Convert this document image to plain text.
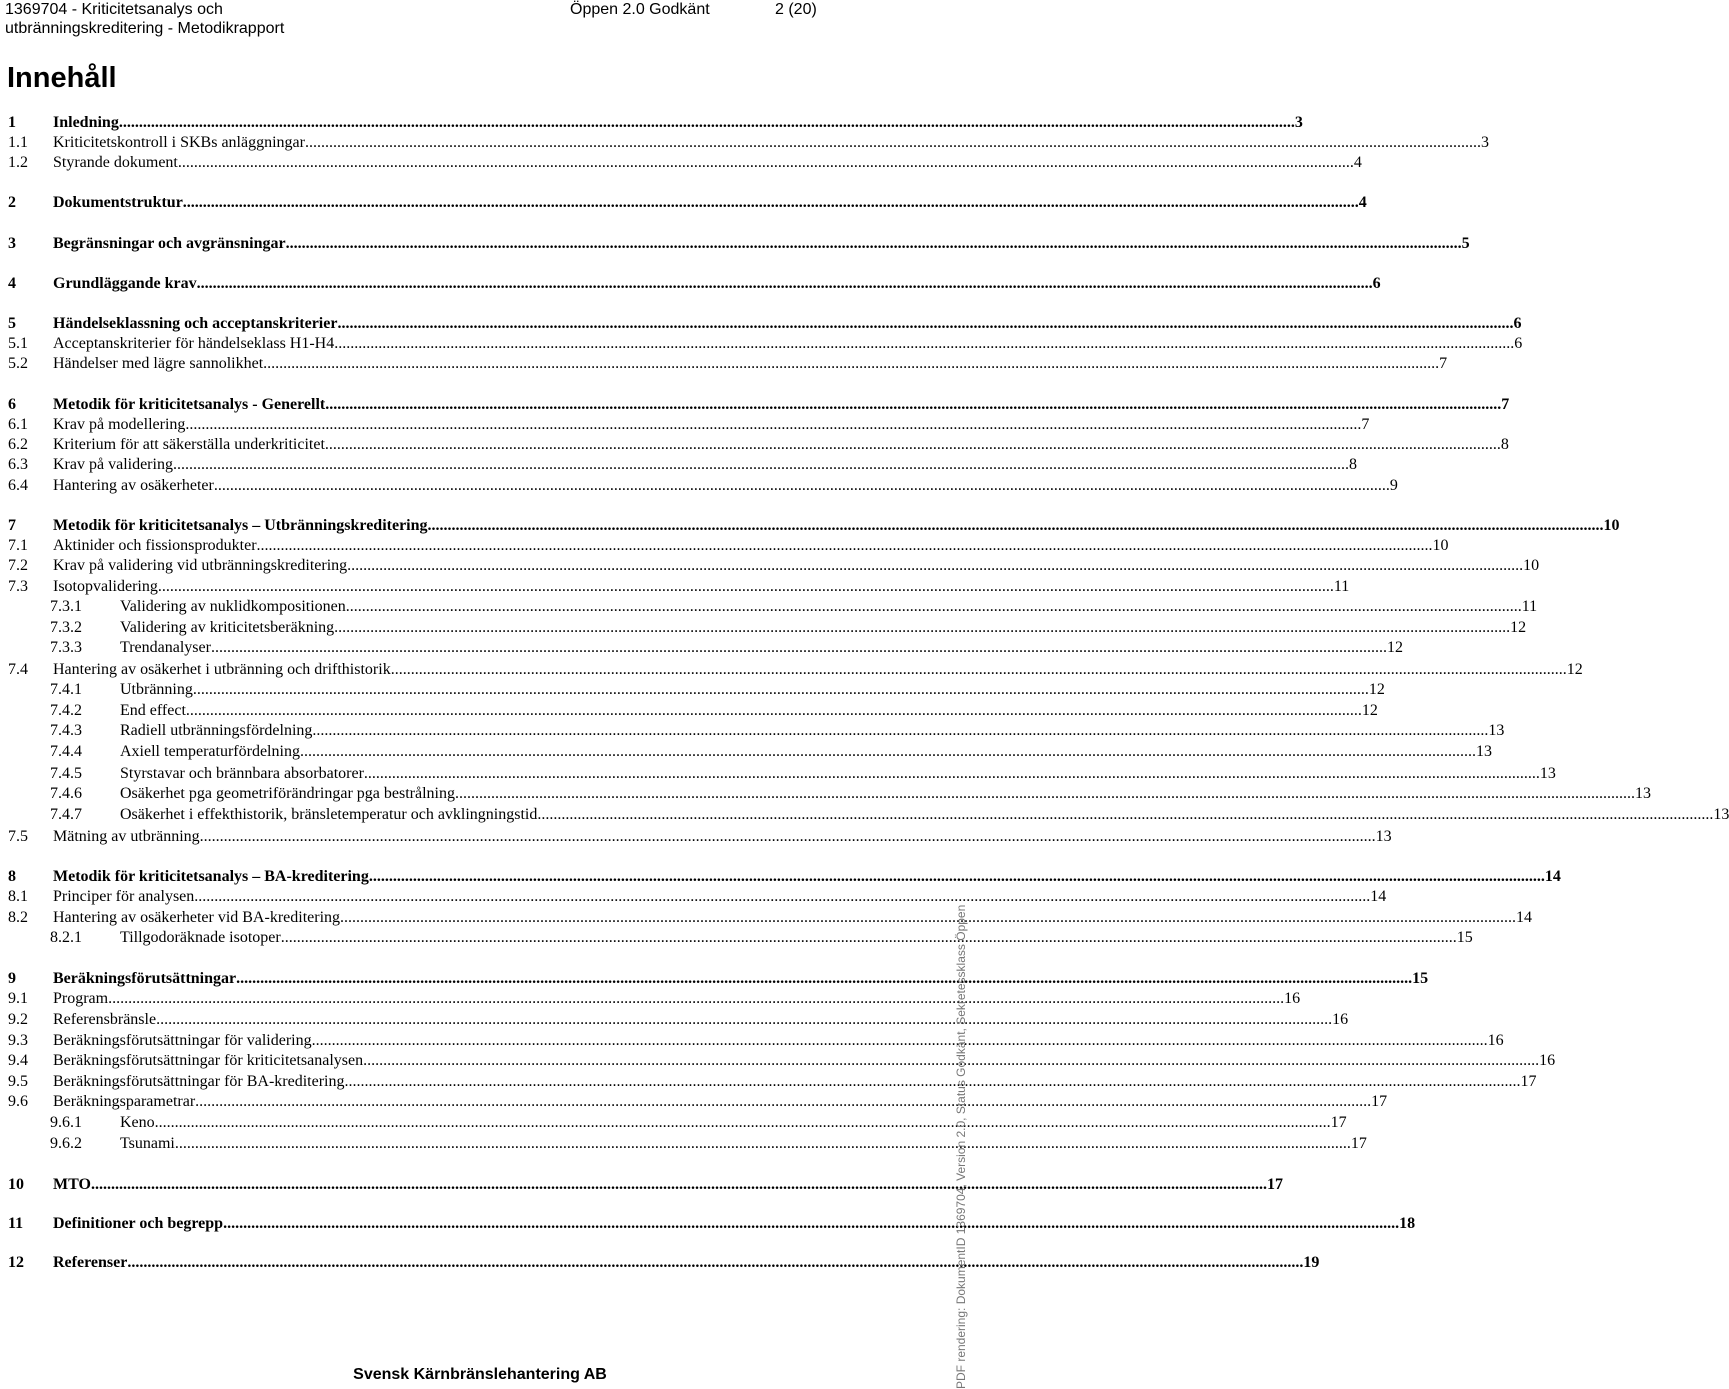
1369704 - Kriticitetsanalys och
utbränningskreditering - Metodikrapport
Öppen 2.0 Godkänt	2 (20)
Innehåll
1 Inledning .....	3
1.1 Kriticitetskontroll i SKBs anläggningar .....	3
1.2 Styrande dokument .....	4
2 Dokumentstruktur .....	4
3 Begränsningar och avgränsningar .....	5
4 Grundläggande krav .....	6
5 Händelseklassning och acceptanskriterier .....	6
5.1 Acceptanskriterier för händelseklass H1-H4. .....	6
5.2 Händelser med lägre sannolikhet .....	7
6 Metodik för kriticitetsanalys - Generellt .....	7
6.1 Krav på modellering .....	7
6.2 Kriterium för att säkerställa underkriticitet .....	8
6.3 Krav på validering .....	8
6.4 Hantering av osäkerheter .....	9
7 Metodik för kriticitetsanalys – Utbränningskreditering .....	10
7.1 Aktinider och fissionsprodukter .....	10
7.2 Krav på validering vid utbränningskreditering .....	10
7.3 Isotopvalidering .....	11
7.3.1 Validering av nuklidkompositionen .....	11
7.3.2 Validering av kriticitetsberäkning .....	12
7.3.3 Trendanalyser .....	12
7.4 Hantering av osäkerhet i utbränning och drifthistorik .....	12
7.4.1 Utbränning .....	12
7.4.2 End effect .....	12
7.4.3 Radiell utbränningsfördelning .....	13
7.4.4 Axiell temperaturfördelning .....	13
7.4.5 Styrstavar och brännbara absorbatorer .....	13
7.4.6 Osäkerhet pga geometriförändringar pga bestrålning. .....	13
7.4.7 Osäkerhet i effekthistorik, bränsletemperatur och avklingningstid .....	13
7.5 Mätning av utbränning .....	13
8 Metodik för kriticitetsanalys – BA-kreditering .....	14
8.1 Principer för analysen .....	14
8.2 Hantering av osäkerheter vid BA-kreditering .....	14
8.2.1 Tillgodoräknade isotoper .....	15
9 Beräkningsförutsättningar .....	15
9.1 Program .....	16
9.2 Referensbränsle .....	16
9.3 Beräkningsförutsättningar för validering .....	16
9.4 Beräkningsförutsättningar för kriticitetsanalysen .....	16
9.5 Beräkningsförutsättningar för BA-kreditering .....	17
9.6 Beräkningsparametrar .....	17
9.6.1 Keno .....	17
9.6.2 Tsunami .....	17
10 MTO .....	17
11 Definitioner och begrepp .....	18
12 Referenser .....	19
Svensk Kärnbränslehantering AB	PDF rendering: DokumentID 1369704, Version 2.0, Status Godkänt, Sekretessklass Öppen
